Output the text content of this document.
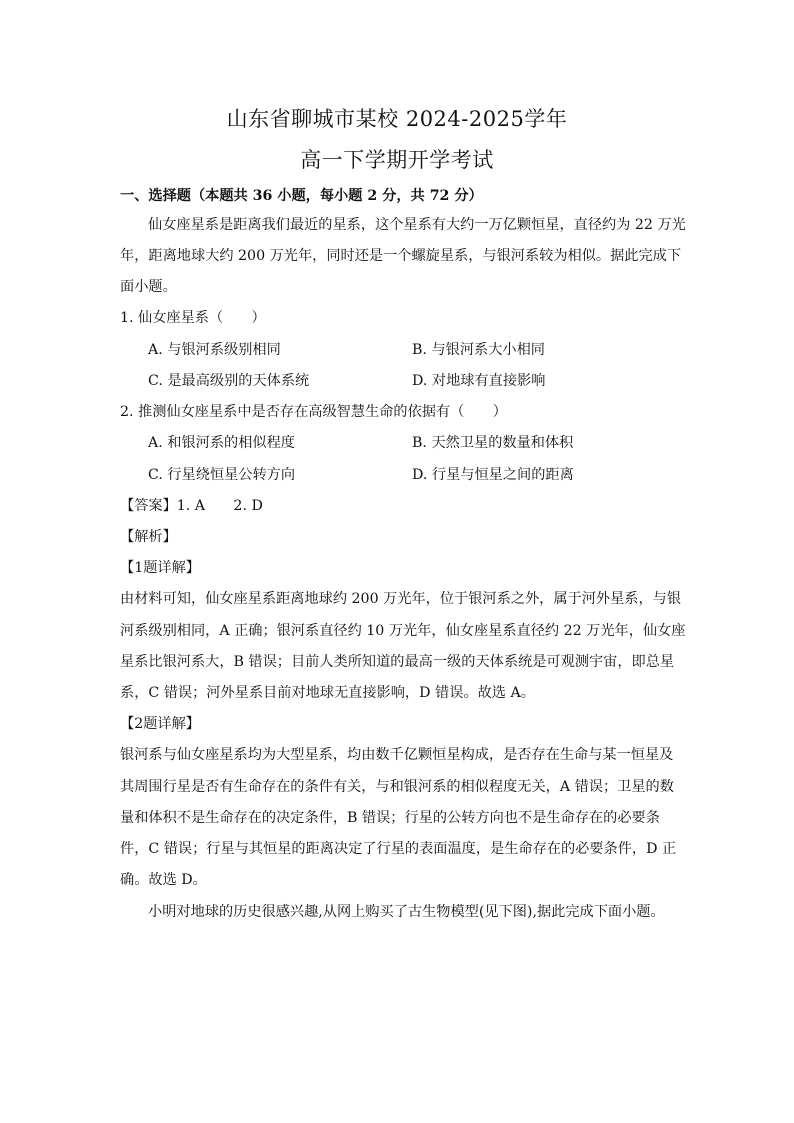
山东省聊城市某校 2024-2025学年
高一下学期开学考试
一、选择题（本题共 36 小题，每小题 2 分，共 72 分）
仙女座星系是距离我们最近的星系，这个星系有大约一万亿颗恒星，直径约为 22 万光
年，距离地球大约 200 万光年，同时还是一个螺旋星系，与银河系较为相似。据此完成下
面小题。
1. 仙女座星系（　　）
A. 与银河系级别相同	B. 与银河系大小相同
C. 是最高级别的天体系统	D. 对地球有直接影响
2. 推测仙女座星系中是否存在高级智慧生命的依据有（　　）
A. 和银河系的相似程度	B. 天然卫星的数量和体积
C. 行星绕恒星公转方向	D. 行星与恒星之间的距离
【答案】1. A　　2. D
【解析】
【1题详解】
由材料可知，仙女座星系距离地球约 200 万光年，位于银河系之外，属于河外星系，与银
河系级别相同，A 正确；银河系直径约 10 万光年，仙女座星系直径约 22 万光年，仙女座
星系比银河系大，B 错误；目前人类所知道的最高一级的天体系统是可观测宇宙，即总星
系，C 错误；河外星系目前对地球无直接影响，D 错误。故选 A。
【2题详解】
银河系与仙女座星系均为大型星系，均由数千亿颗恒星构成，是否存在生命与某一恒星及
其周围行星是否有生命存在的条件有关，与和银河系的相似程度无关，A 错误；卫星的数
量和体积不是生命存在的决定条件，B 错误；行星的公转方向也不是生命存在的必要条
件，C 错误；行星与其恒星的距离决定了行星的表面温度，是生命存在的必要条件，D 正
确。故选 D。
小明对地球的历史很感兴趣,从网上购买了古生物模型(见下图),据此完成下面小题。
